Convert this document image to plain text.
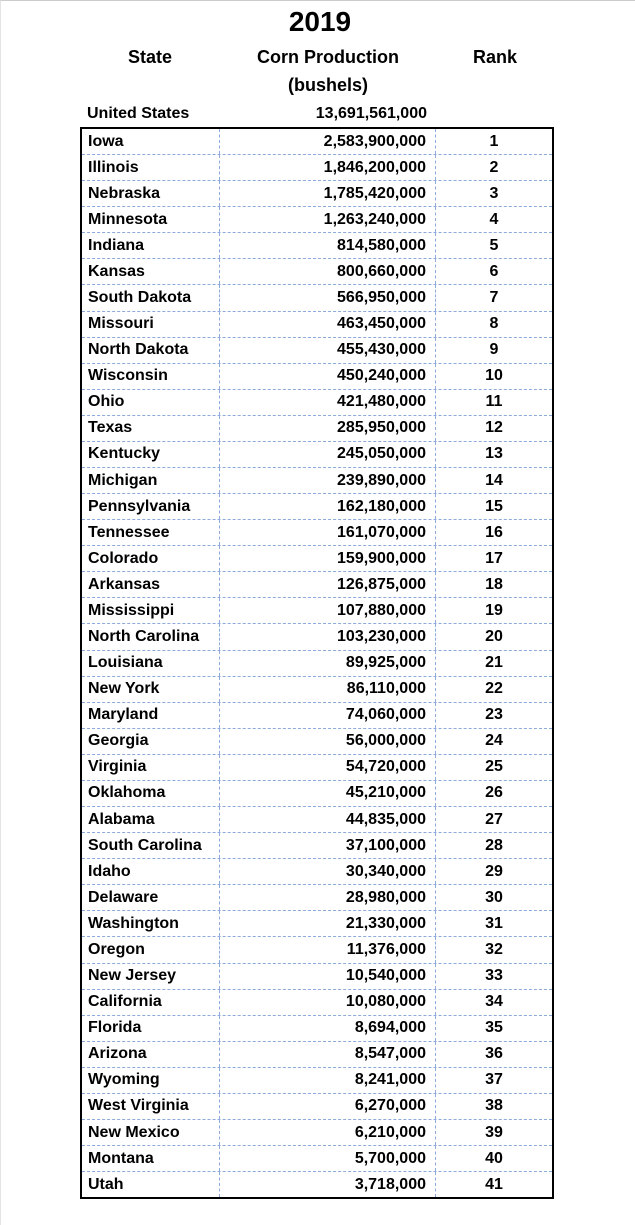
2019
State	Corn Production	Rank
(bushels)
United States	13,691,561,000
Iowa	2,583,900,000	1
Illinois	1,846,200,000	2
Nebraska	1,785,420,000	3
Minnesota	1,263,240,000	4
Indiana	814,580,000	5
Kansas	800,660,000	6
South Dakota	566,950,000	7
Missouri	463,450,000	8
North Dakota	455,430,000	9
Wisconsin	450,240,000	10
Ohio	421,480,000	11
Texas	285,950,000	12
Kentucky	245,050,000	13
Michigan	239,890,000	14
Pennsylvania	162,180,000	15
Tennessee	161,070,000	16
Colorado	159,900,000	17
Arkansas	126,875,000	18
Mississippi	107,880,000	19
North Carolina	103,230,000	20
Louisiana	89,925,000	21
New York	86,110,000	22
Maryland	74,060,000	23
Georgia	56,000,000	24
Virginia	54,720,000	25
Oklahoma	45,210,000	26
Alabama	44,835,000	27
South Carolina	37,100,000	28
Idaho	30,340,000	29
Delaware	28,980,000	30
Washington	21,330,000	31
Oregon	11,376,000	32
New Jersey	10,540,000	33
California	10,080,000	34
Florida	8,694,000	35
Arizona	8,547,000	36
Wyoming	8,241,000	37
West Virginia	6,270,000	38
New Mexico	6,210,000	39
Montana	5,700,000	40
Utah	3,718,000	41
